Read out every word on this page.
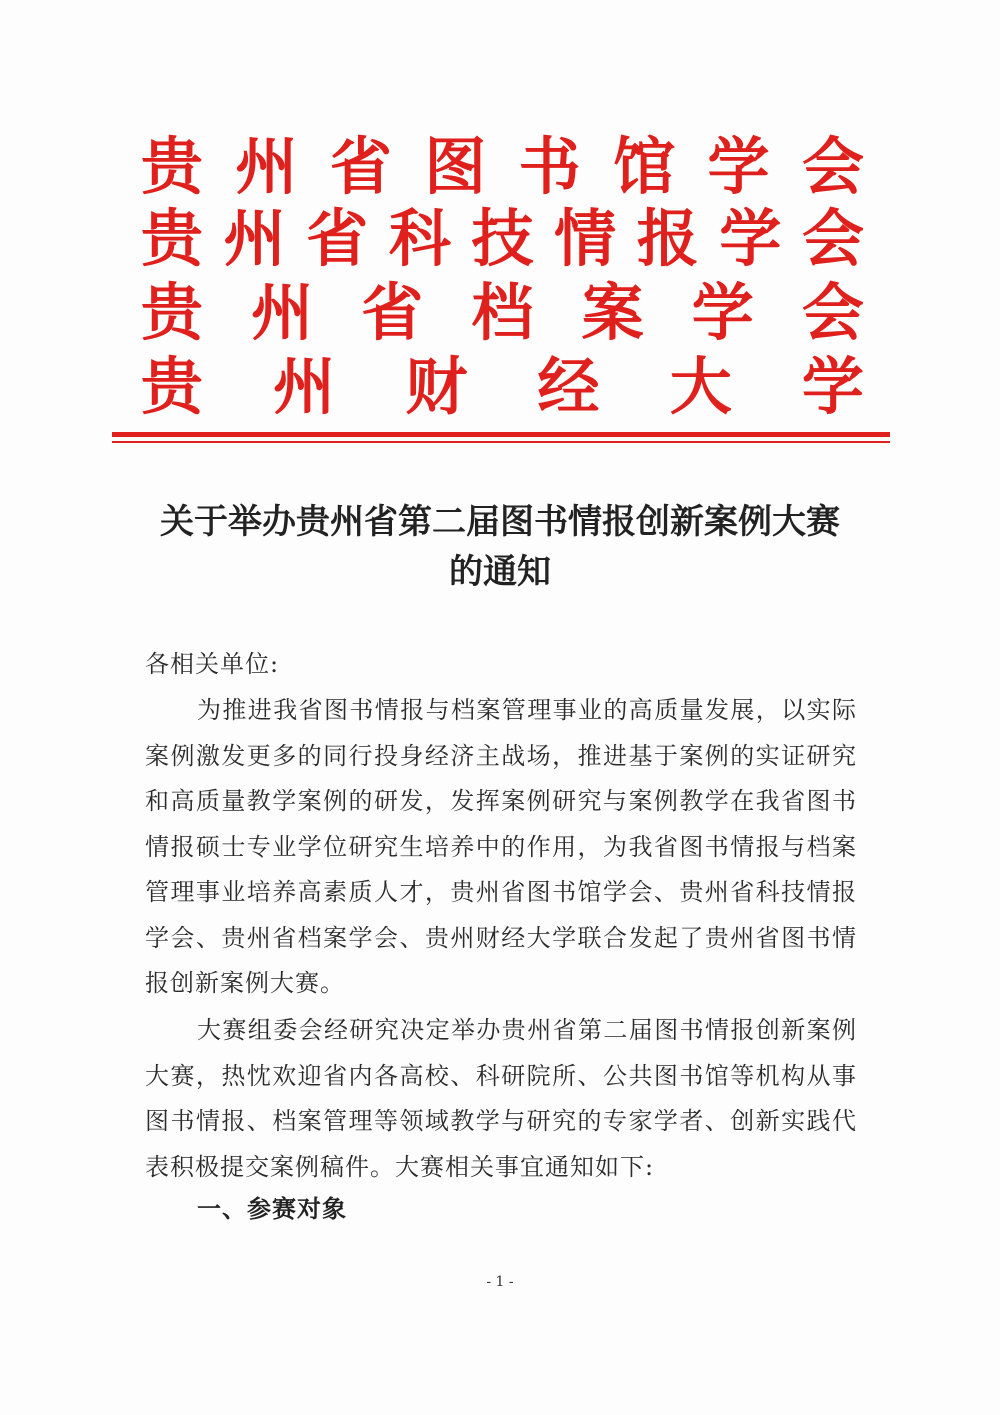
贵 州 省 图 书 馆 学 会
贵 州 省 科 技 情 报 学 会
贵 州 省 档 案 学 会
贵 州 财 经 大 学
关于举办贵州省第二届图书情报创新案例大赛
的通知
各相关单位:
为推进我省图书情报与档案管理事业的高质量发展，以实际案例激发更多的同行投身经济主战场，推进基于案例的实证研究和高质量教学案例的研发，发挥案例研究与案例教学在我省图书情报硕士专业学位研究生培养中的作用，为我省图书情报与档案管理事业培养高素质人才，贵州省图书馆学会、贵州省科技情报学会、贵州省档案学会、贵州财经大学联合发起了贵州省图书情报创新案例大赛。
大赛组委会经研究决定举办贵州省第二届图书情报创新案例大赛，热忱欢迎省内各高校、科研院所、公共图书馆等机构从事图书情报、档案管理等领域教学与研究的专家学者、创新实践代表积极提交案例稿件。大赛相关事宜通知如下:
一、参赛对象
- 1 -
